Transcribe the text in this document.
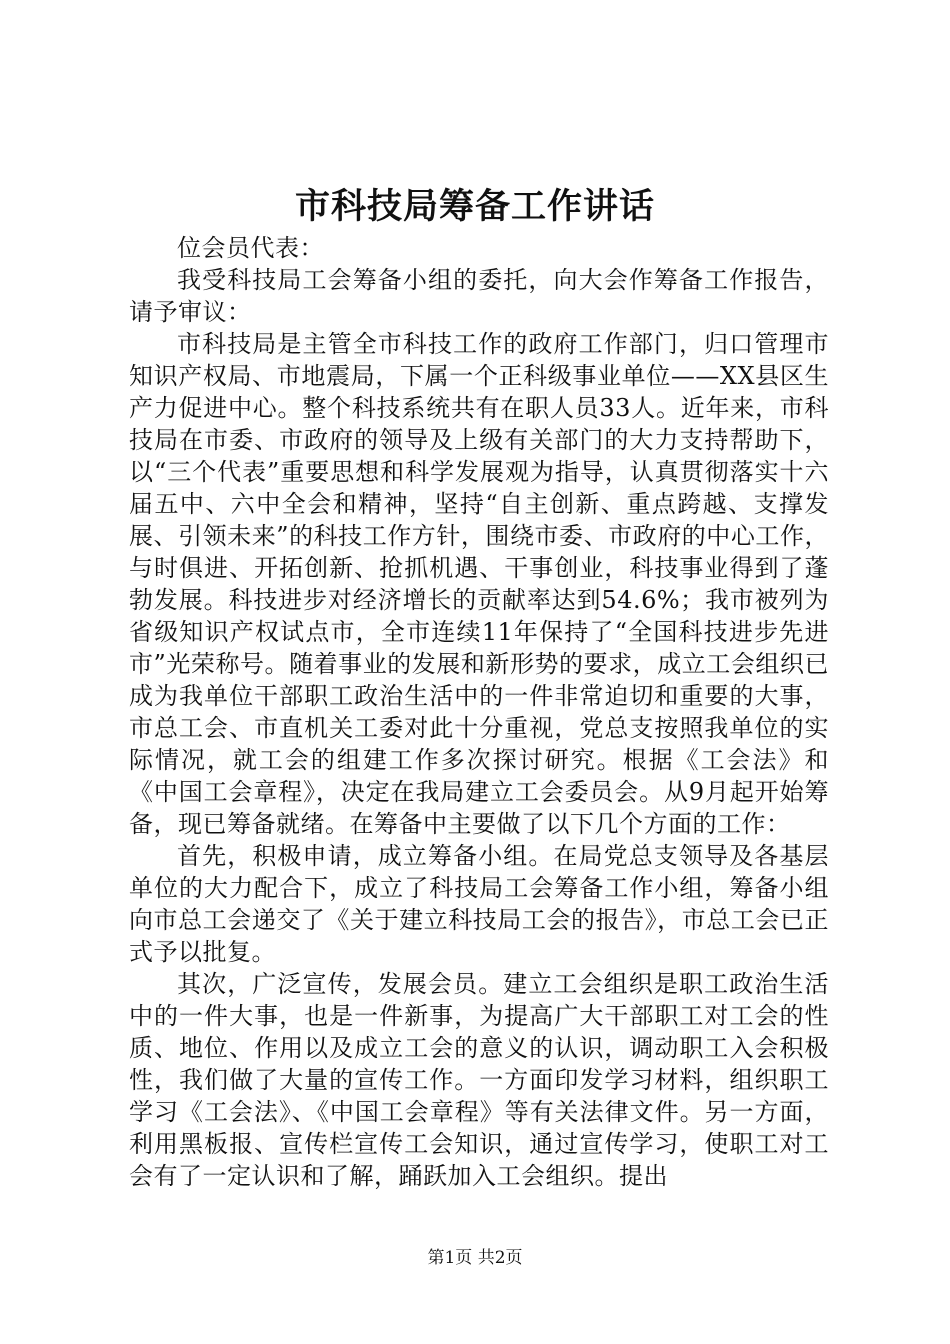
市科技局筹备工作讲话

位会员代表：

我受科技局工会筹备小组的委托，向大会作筹备工作报告，请予审议：

市科技局是主管全市科技工作的政府工作部门，归口管理市知识产权局、市地震局，下属一个正科级事业单位——XX县区生产力促进中心。整个科技系统共有在职人员33人。近年来，市科技局在市委、市政府的领导及上级有关部门的大力支持帮助下，以“三个代表”重要思想和科学发展观为指导，认真贯彻落实十六届五中、六中全会和精神，坚持“自主创新、重点跨越、支撑发展、引领未来”的科技工作方针，围绕市委、市政府的中心工作，与时俱进、开拓创新、抢抓机遇、干事创业，科技事业得到了蓬勃发展。科技进步对经济增长的贡献率达到54.6%；我市被列为省级知识产权试点市，全市连续11年保持了“全国科技进步先进市”光荣称号。随着事业的发展和新形势的要求，成立工会组织已成为我单位干部职工政治生活中的一件非常迫切和重要的大事，市总工会、市直机关工委对此十分重视，党总支按照我单位的实际情况，就工会的组建工作多次探讨研究。根据《工会法》和《中国工会章程》，决定在我局建立工会委员会。从9月起开始筹备，现已筹备就绪。在筹备中主要做了以下几个方面的工作：

首先，积极申请，成立筹备小组。在局党总支领导及各基层单位的大力配合下，成立了科技局工会筹备工作小组，筹备小组向市总工会递交了《关于建立科技局工会的报告》，市总工会已正式予以批复。

其次，广泛宣传，发展会员。建立工会组织是职工政治生活中的一件大事，也是一件新事，为提高广大干部职工对工会的性质、地位、作用以及成立工会的意义的认识，调动职工入会积极性，我们做了大量的宣传工作。一方面印发学习材料，组织职工学习《工会法》、《中国工会章程》等有关法律文件。另一方面，利用黑板报、宣传栏宣传工会知识，通过宣传学习，使职工对工会有了一定认识和了解，踊跃加入工会组织。提出

第1页 共2页
